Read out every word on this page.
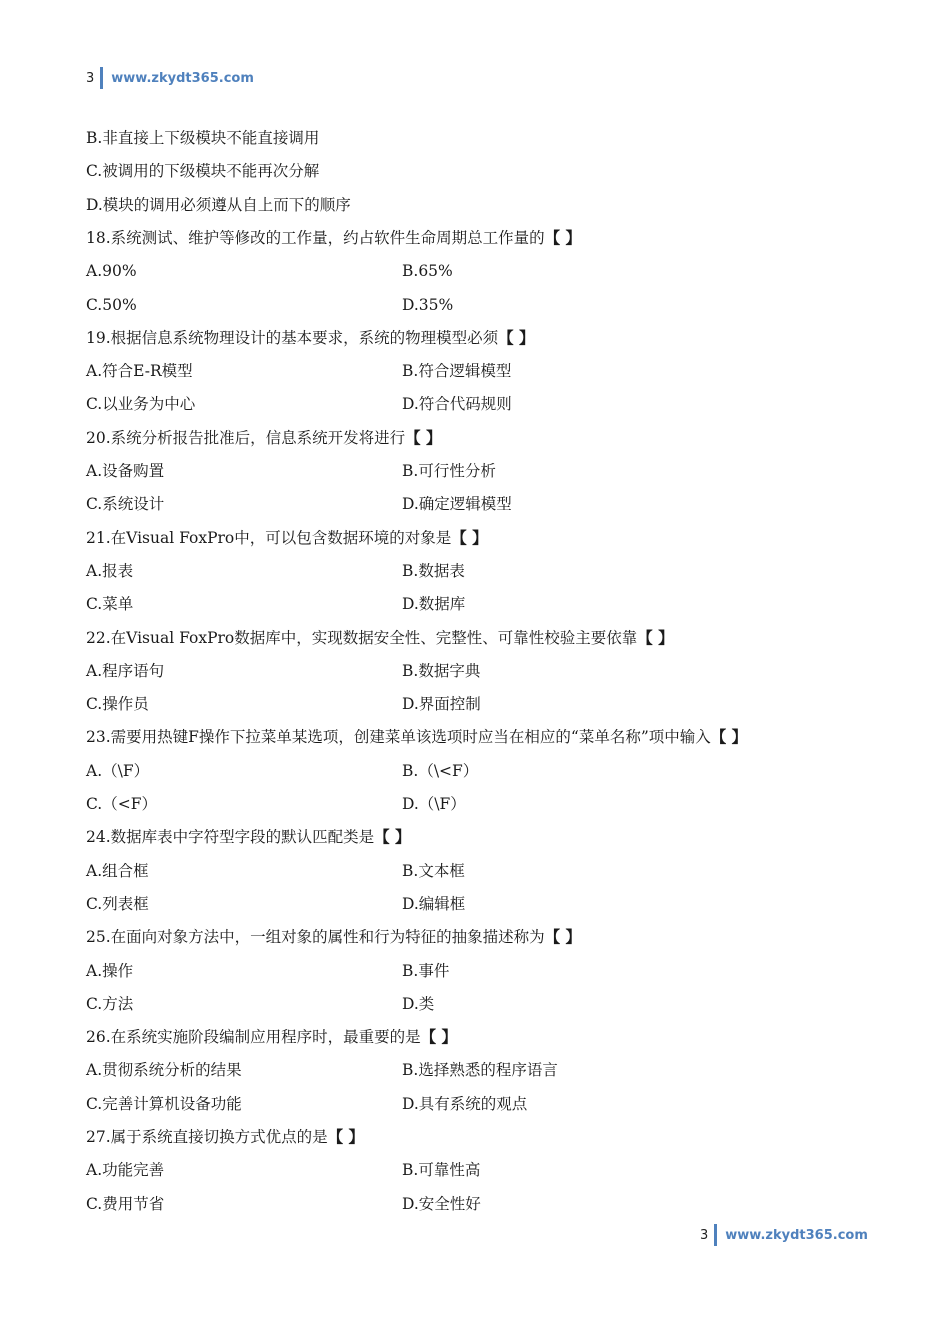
3 www.zkydt365.com
B.非直接上下级模块不能直接调用
C.被调用的下级模块不能再次分解
D.模块的调用必须遵从自上而下的顺序
18.系统测试、维护等修改的工作量，约占软件生命周期总工作量的【 】
A.90%	B.65%
C.50%	D.35%
19.根据信息系统物理设计的基本要求，系统的物理模型必须【 】
A.符合E-R模型	B.符合逻辑模型
C.以业务为中心	D.符合代码规则
20.系统分析报告批准后，信息系统开发将进行【 】
A.设备购置	B.可行性分析
C.系统设计	D.确定逻辑模型
21.在Visual FoxPro中，可以包含数据环境的对象是【 】
A.报表	B.数据表
C.菜单	D.数据库
22.在Visual FoxPro数据库中，实现数据安全性、完整性、可靠性校验主要依靠【 】
A.程序语句	B.数据字典
C.操作员	D.界面控制
23.需要用热键F操作下拉菜单某选项，创建菜单该选项时应当在相应的“菜单名称”项中输入【 】
A.（\F）	B.（\<F）
C.（<F）	D.（\F）
24.数据库表中字符型字段的默认匹配类是【 】
A.组合框	B.文本框
C.列表框	D.编辑框
25.在面向对象方法中，一组对象的属性和行为特征的抽象描述称为【 】
A.操作	B.事件
C.方法	D.类
26.在系统实施阶段编制应用程序时，最重要的是【 】
A.贯彻系统分析的结果	B.选择熟悉的程序语言
C.完善计算机设备功能	D.具有系统的观点
27.属于系统直接切换方式优点的是【 】
A.功能完善	B.可靠性高
C.费用节省	D.安全性好
3 www.zkydt365.com
